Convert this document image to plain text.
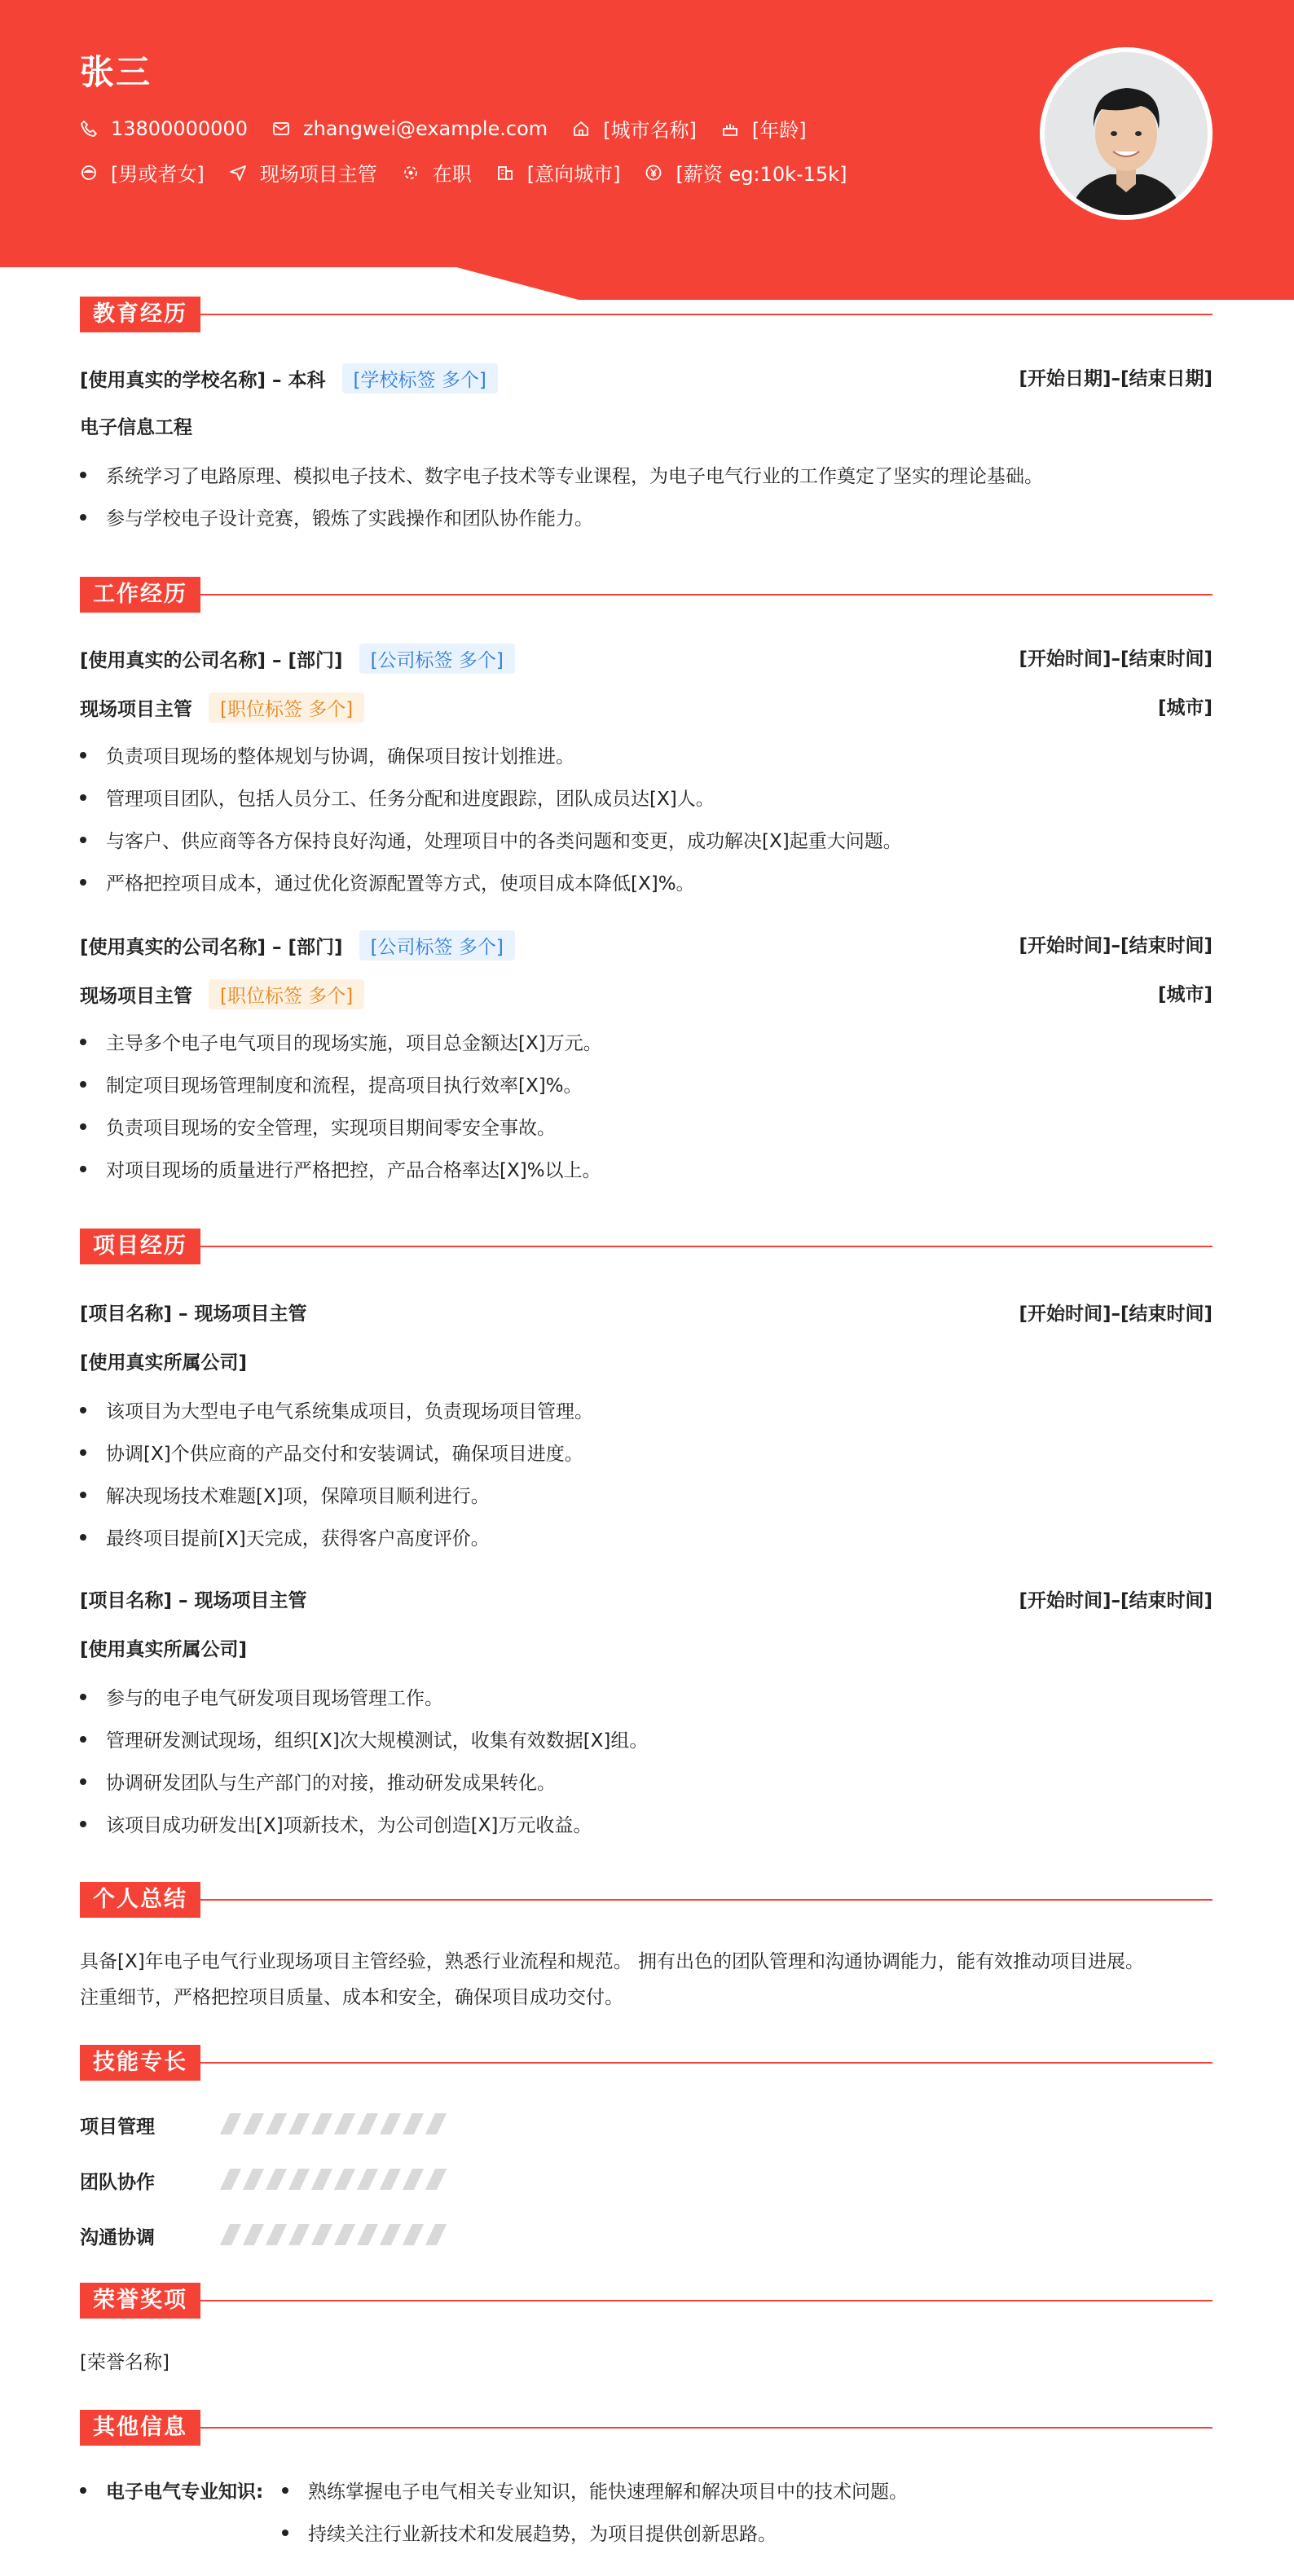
张三
13800000000	zhangwei@example.com	[城市名称]	[年龄]
[男或者女]	现场项目主管	在职	[意向城市]	[薪资 eg:10k-15k]
教育经历
[使用真实的学校名称] – 本科	[学校标签 多个]	[开始日期]–[结束日期]
电子信息工程
系统学习了电路原理、模拟电子技术、数字电子技术等专业课程，为电子电气行业的工作奠定了坚实的理论基础。
参与学校电子设计竞赛，锻炼了实践操作和团队协作能力。
工作经历
[使用真实的公司名称] – [部门]	[公司标签 多个]	[开始时间]–[结束时间]
现场项目主管	[职位标签 多个]	[城市]
负责项目现场的整体规划与协调，确保项目按计划推进。
管理项目团队，包括人员分工、任务分配和进度跟踪，团队成员达[X]人。
与客户、供应商等各方保持良好沟通，处理项目中的各类问题和变更，成功解决[X]起重大问题。
严格把控项目成本，通过优化资源配置等方式，使项目成本降低[X]%。
[使用真实的公司名称] – [部门]	[公司标签 多个]	[开始时间]–[结束时间]
现场项目主管	[职位标签 多个]	[城市]
主导多个电子电气项目的现场实施，项目总金额达[X]万元。
制定项目现场管理制度和流程，提高项目执行效率[X]%。
负责项目现场的安全管理，实现项目期间零安全事故。
对项目现场的质量进行严格把控，产品合格率达[X]%以上。
项目经历
[项目名称] – 现场项目主管	[开始时间]–[结束时间]
[使用真实所属公司]
该项目为大型电子电气系统集成项目，负责现场项目管理。
协调[X]个供应商的产品交付和安装调试，确保项目进度。
解决现场技术难题[X]项，保障项目顺利进行。
最终项目提前[X]天完成，获得客户高度评价。
[项目名称] – 现场项目主管	[开始时间]–[结束时间]
[使用真实所属公司]
参与的电子电气研发项目现场管理工作。
管理研发测试现场，组织[X]次大规模测试，收集有效数据[X]组。
协调研发团队与生产部门的对接，推动研发成果转化。
该项目成功研发出[X]项新技术，为公司创造[X]万元收益。
个人总结
具备[X]年电子电气行业现场项目主管经验，熟悉行业流程和规范。 拥有出色的团队管理和沟通协调能力，能有效推动项目进展。
注重细节，严格把控项目质量、成本和安全，确保项目成功交付。
技能专长
项目管理
团队协作
沟通协调
荣誉奖项
[荣誉名称]
其他信息
电子电气专业知识: 熟练掌握电子电气相关专业知识，能快速理解和解决项目中的技术问题。
持续关注行业新技术和发展趋势，为项目提供创新思路。
